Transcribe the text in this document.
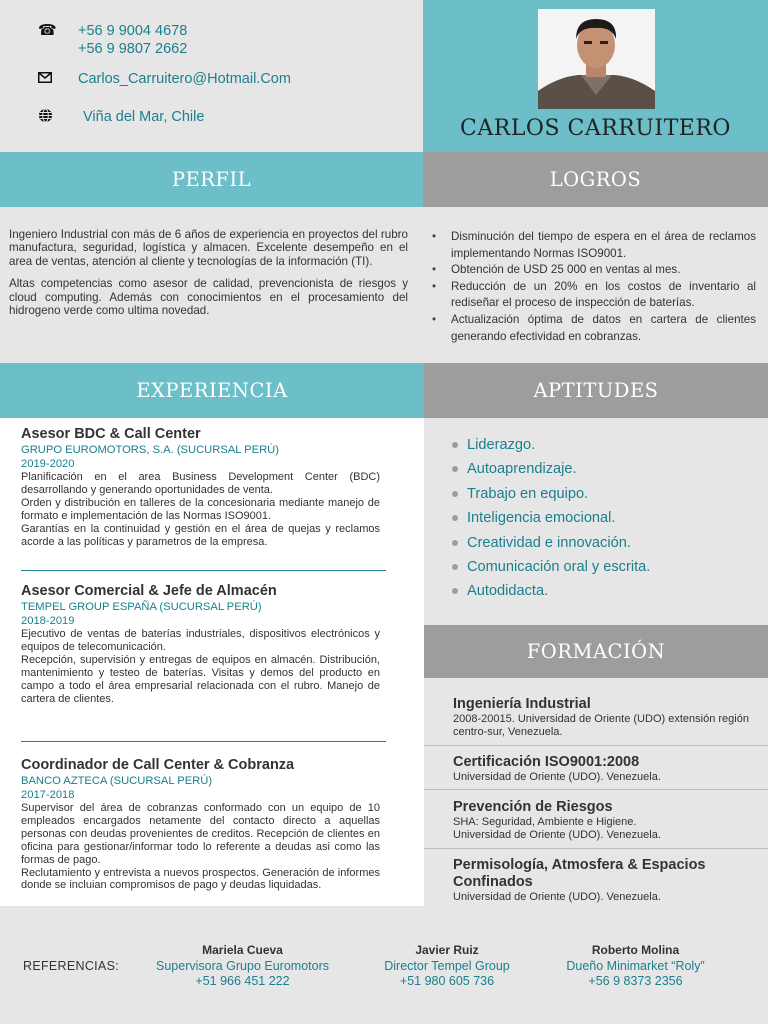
☎ +56 9 9004 4678
+56 9 9807 2662
Carlos_Carruitero@Hotmail.Com
Viña del Mar, Chile	CARLOS CARRUITERO
PERFIL	LOGROS

Ingeniero Industrial con más de 6 años de experiencia en proyectos del rubro manufactura, seguridad, logística y almacen. Excelente desempeño en el area de ventas, atención al cliente y tecnologías de la información (TI).

Altas competencias como asesor de calidad, prevencionista de riesgos y cloud computing. Además con conocimientos en el procesamiento del hidrogeno verde como ultima novedad.

• Disminución del tiempo de espera en el área de reclamos implementando Normas ISO9001.
• Obtención de USD 25 000 en ventas al mes.
• Reducción de un 20% en los costos de inventario al rediseñar el proceso de inspección de baterías.
• Actualización óptima de datos en cartera de clientes generando efectividad en cobranzas.
EXPERIENCIA	APTITUDES
Asesor BDC & Call Center
GRUPO EUROMOTORS, S.A. (SUCURSAL PERÚ)
2019-2020
Planificación en el area Business Development Center (BDC) desarrollando y generando oportunidades de venta.
Orden y distribución en talleres de la concesionaria mediante manejo de formato e implementación de las Normas ISO9001.
Garantías en la continuidad y gestión en el área de quejas y reclamos acorde a las políticas y parametros de la empresa.
Asesor Comercial & Jefe de Almacén
TEMPEL GROUP ESPAÑA (SUCURSAL PERÚ)
2018-2019
Ejecutivo de ventas de baterías industriales, dispositivos electrónicos y equipos de telecomunicación.
Recepción, supervisión y entregas de equipos en almacén. Distribución, mantenimiento y testeo de baterías. Visitas y demos del producto en campo a todo el área empresarial relacionada con el rubro. Manejo de cartera de clientes.
Coordinador de Call Center & Cobranza
BANCO AZTECA (SUCURSAL PERÚ)
2017-2018
Supervisor del área de cobranzas conformado con un equipo de 10 empleados encargados netamente del contacto directo a aquellas personas con deudas provenientes de creditos. Recepción de clientes en oficina para gestionar/informar todo lo referente a deudas asi como las formas de pago.
Reclutamiento y entrevista a nuevos prospectos. Generación de informes donde se incluian compromisos de pago y deudas liquidadas.
Liderazgo.
Autoaprendizaje.
Trabajo en equipo.
Inteligencia emocional.
Creatividad e innovación.
Comunicación oral y escrita.
Autodidacta.
FORMACIÓN
Ingeniería Industrial
2008-20015. Universidad de Oriente (UDO) extensión región centro-sur, Venezuela.
Certificación ISO9001:2008
Universidad de Oriente (UDO). Venezuela.
Prevención de Riesgos
SHA: Seguridad, Ambiente e Higiene.
Universidad de Oriente (UDO). Venezuela.
Permisología, Atmosfera & Espacios Confinados
Universidad de Oriente (UDO). Venezuela.
REFERENCIAS:
Mariela Cueva
Supervisora Grupo Euromotors
+51 966 451 222
Javier Ruiz
Director Tempel Group
+51 980 605 736
Roberto Molina
Dueño Minimarket “Roly”
+56 9 8373 2356
